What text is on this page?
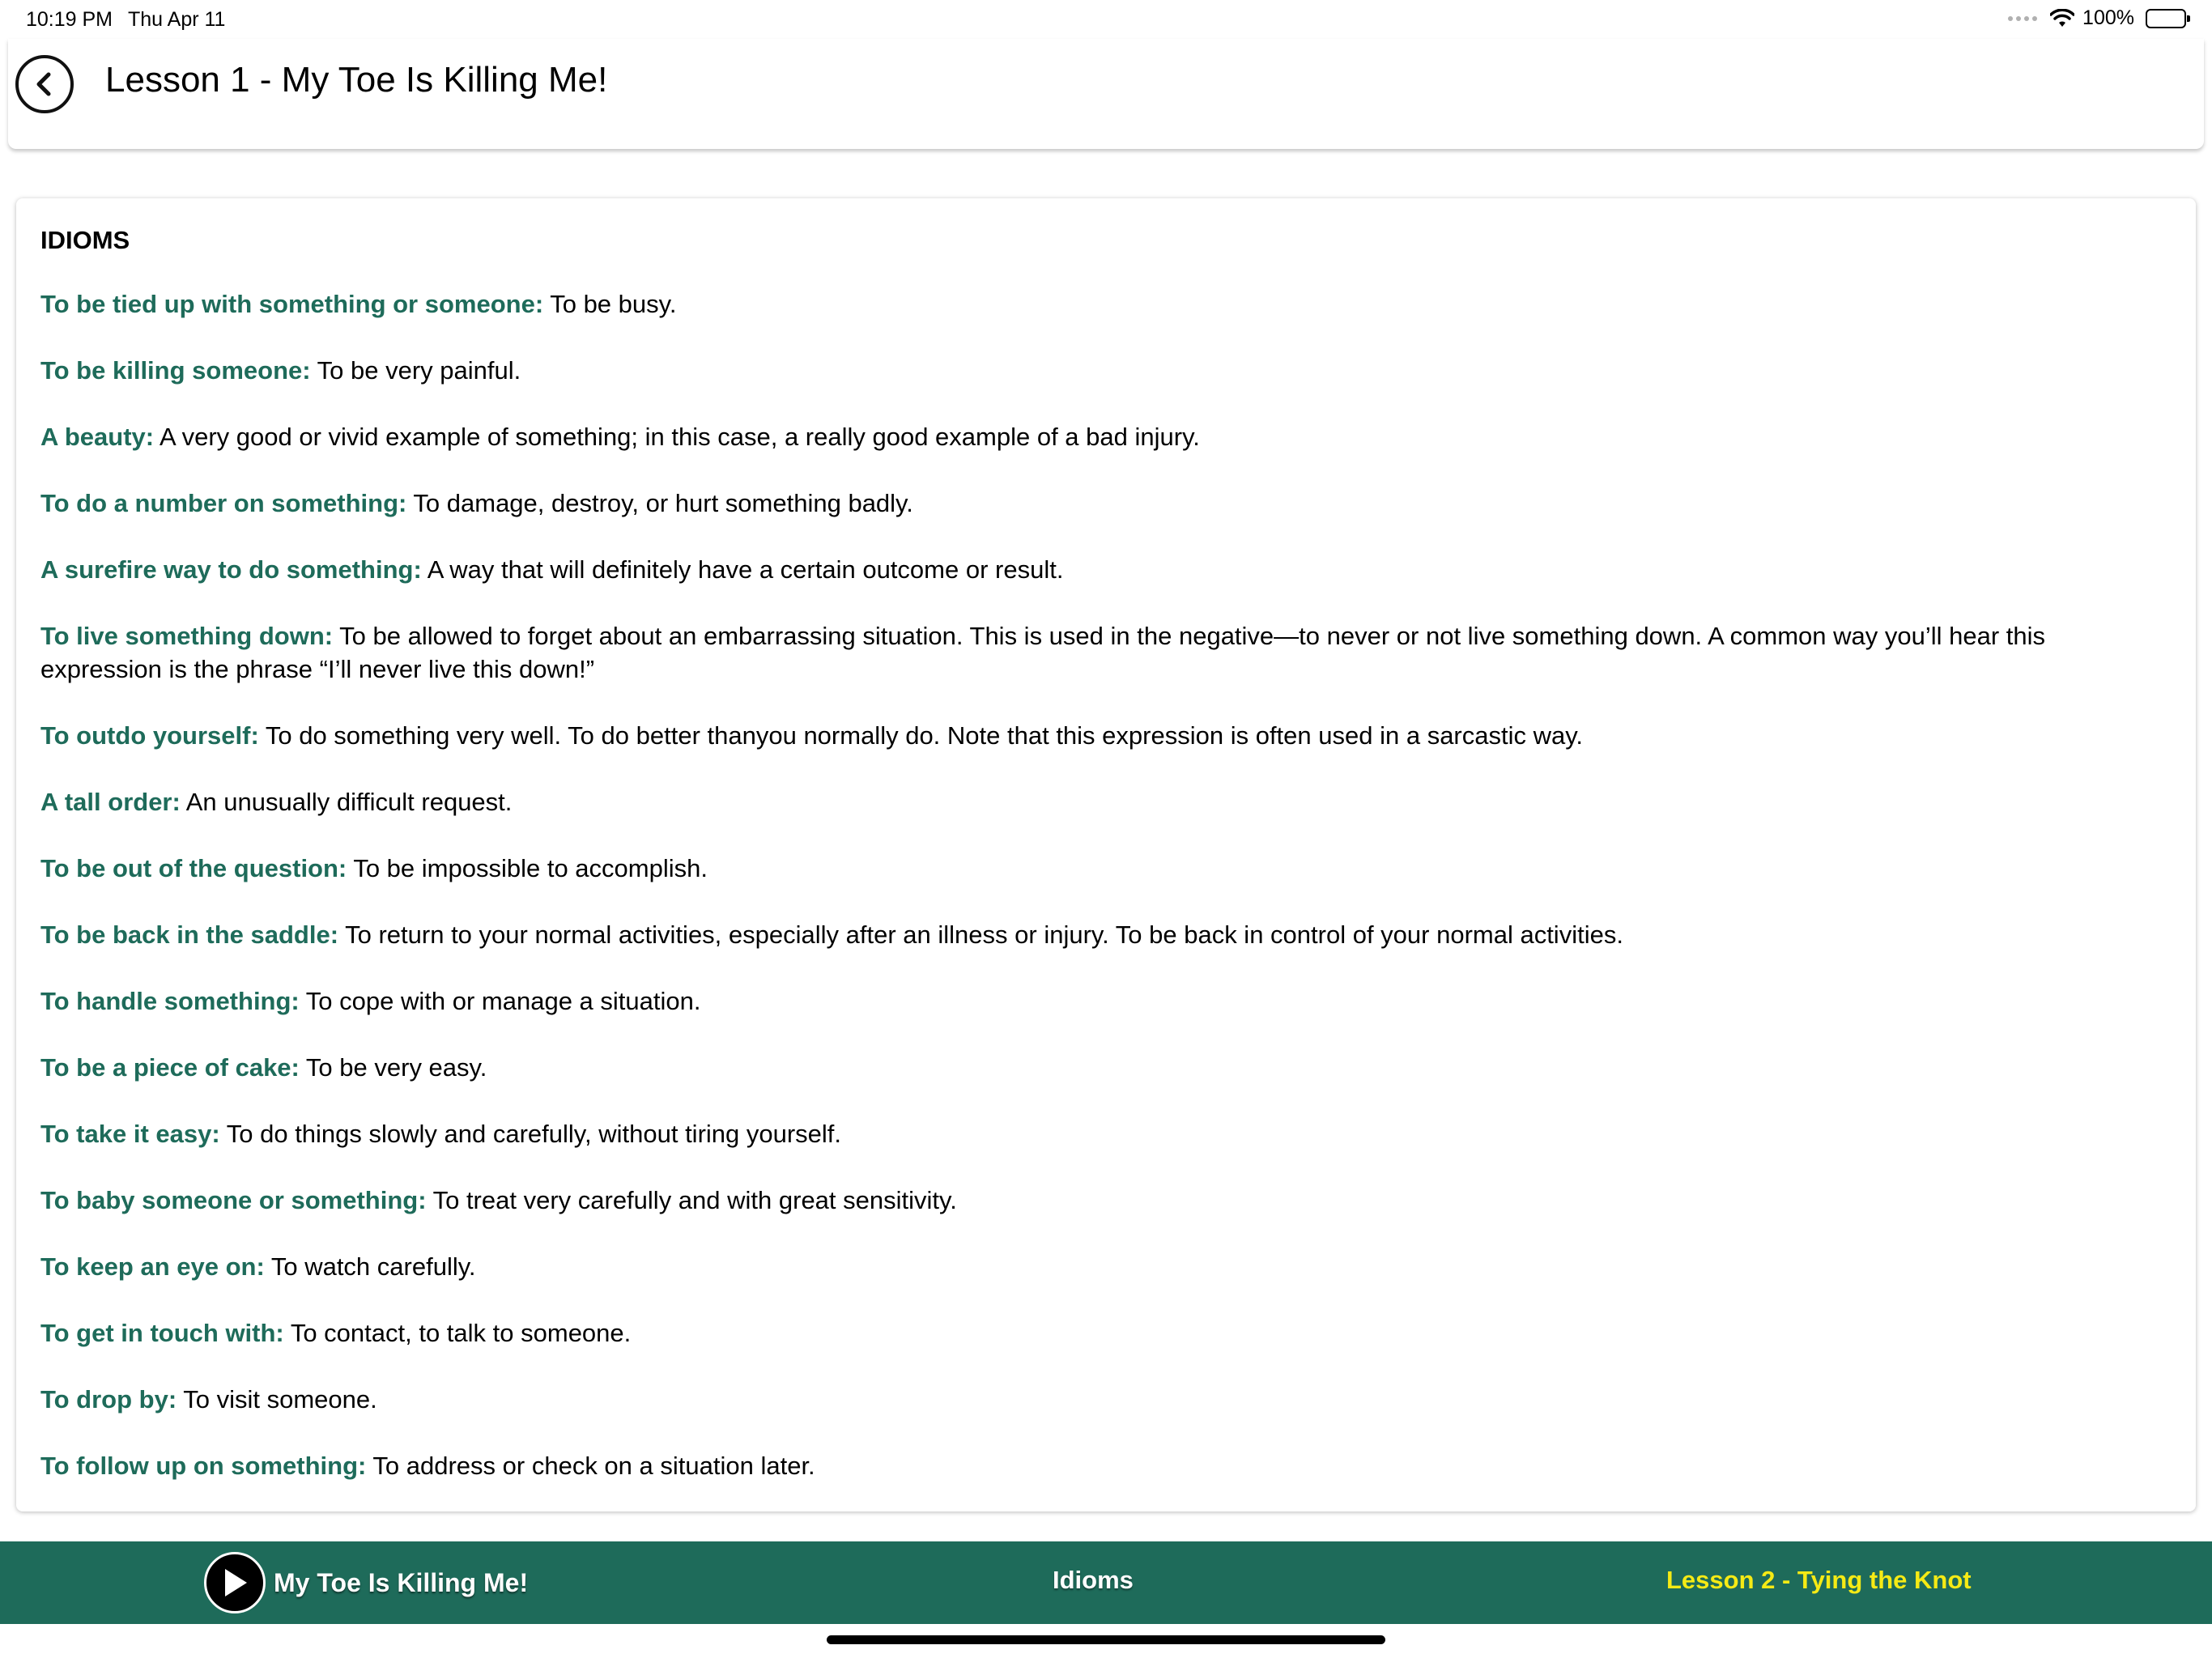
10:19 PM Thu Apr 11	100%
Lesson 1 - My Toe Is Killing Me!
IDIOMS

To be tied up with something or someone: To be busy.

To be killing someone: To be very painful.

A beauty: A very good or vivid example of something; in this case, a really good example of a bad injury.

To do a number on something: To damage, destroy, or hurt something badly.

A surefire way to do something: A way that will definitely have a certain outcome or result.

To live something down: To be allowed to forget about an embarrassing situation. This is used in the negative—to never or not live something down. A common way you’ll hear this expression is the phrase “I’ll never live this down!”

To outdo yourself: To do something very well. To do better thanyou normally do. Note that this expression is often used in a sarcastic way.

A tall order: An unusually difficult request.

To be out of the question: To be impossible to accomplish.

To be back in the saddle: To return to your normal activities, especially after an illness or injury. To be back in control of your normal activities.

To handle something: To cope with or manage a situation.

To be a piece of cake: To be very easy.

To take it easy: To do things slowly and carefully, without tiring yourself.

To baby someone or something: To treat very carefully and with great sensitivity.

To keep an eye on: To watch carefully.

To get in touch with: To contact, to talk to someone.

To drop by: To visit someone.

To follow up on something: To address or check on a situation later.

My Toe Is Killing Me!	Idioms	Lesson 2 - Tying the Knot
